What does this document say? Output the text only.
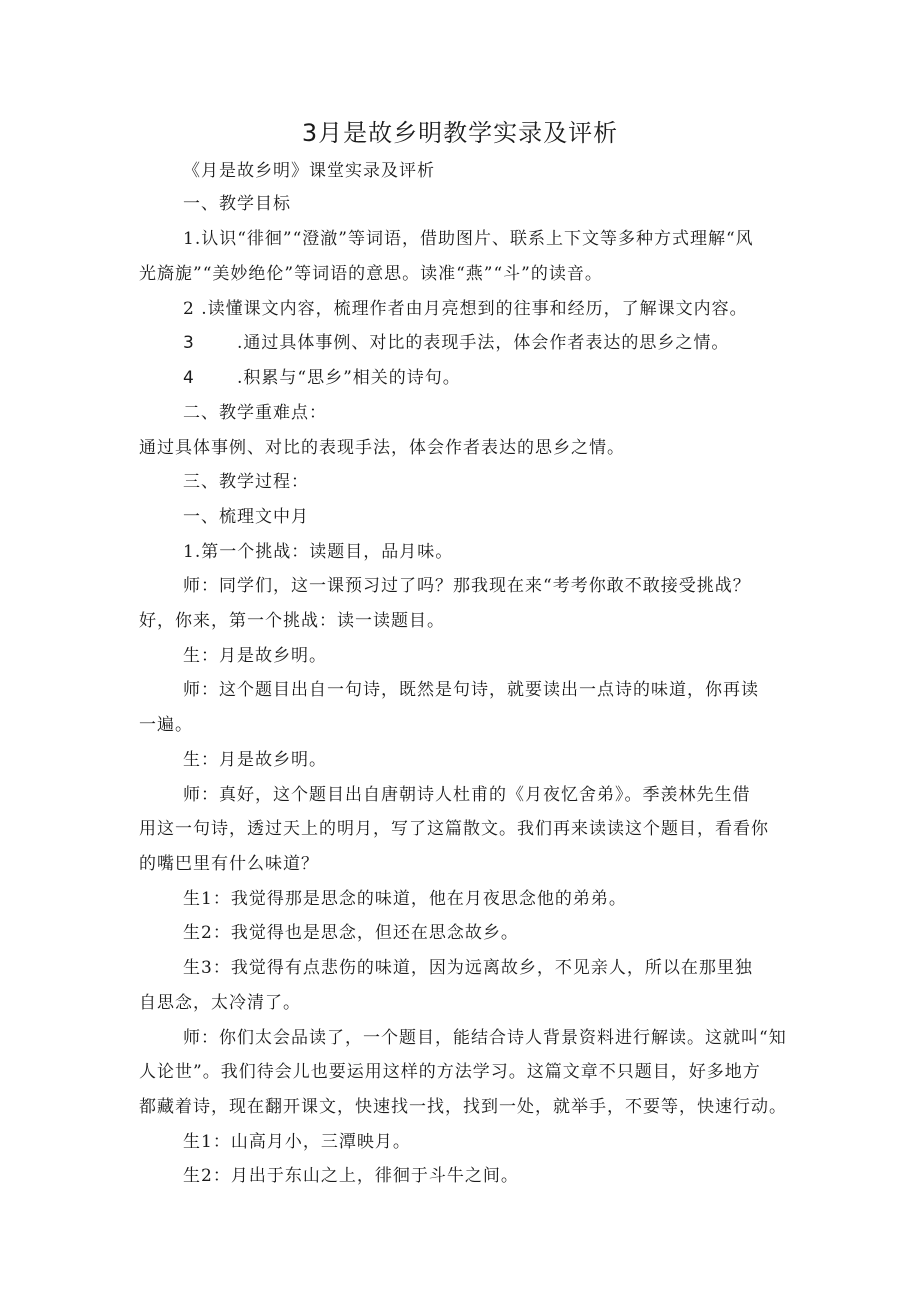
3月是故乡明教学实录及评析
《月是故乡明》课堂实录及评析
一、教学目标
1.认识“徘徊”“澄澈”等词语，借助图片、联系上下文等多种方式理解“风
光旖旎”“美妙绝伦”等词语的意思。读准“燕”“斗”的读音。
2 .读懂课文内容，梳理作者由月亮想到的往事和经历，了解课文内容。
3 .通过具体事例、对比的表现手法，体会作者表达的思乡之情。
4 .积累与“思乡”相关的诗句。
二、教学重难点：
通过具体事例、对比的表现手法，体会作者表达的思乡之情。
三、教学过程：
一、梳理文中月
1.第一个挑战：读题目，品月味。
师：同学们，这一课预习过了吗？那我现在来“考考你敢不敢接受挑战？
好，你来，第一个挑战：读一读题目。
生：月是故乡明。
师：这个题目出自一句诗，既然是句诗，就要读出一点诗的味道，你再读
一遍。
生：月是故乡明。
师：真好，这个题目出自唐朝诗人杜甫的《月夜忆舍弟》。季羡林先生借
用这一句诗，透过天上的明月，写了这篇散文。我们再来读读这个题目，看看你
的嘴巴里有什么味道？
生1：我觉得那是思念的味道，他在月夜思念他的弟弟。
生2：我觉得也是思念，但还在思念故乡。
生3：我觉得有点悲伤的味道，因为远离故乡，不见亲人，所以在那里独
自思念，太冷清了。
师：你们太会品读了，一个题目，能结合诗人背景资料进行解读。这就叫“知
人论世”。我们待会儿也要运用这样的方法学习。这篇文章不只题目，好多地方
都藏着诗，现在翻开课文，快速找一找，找到一处，就举手，不要等，快速行动。
生1：山高月小，三潭映月。
生2：月出于东山之上，徘徊于斗牛之间。
